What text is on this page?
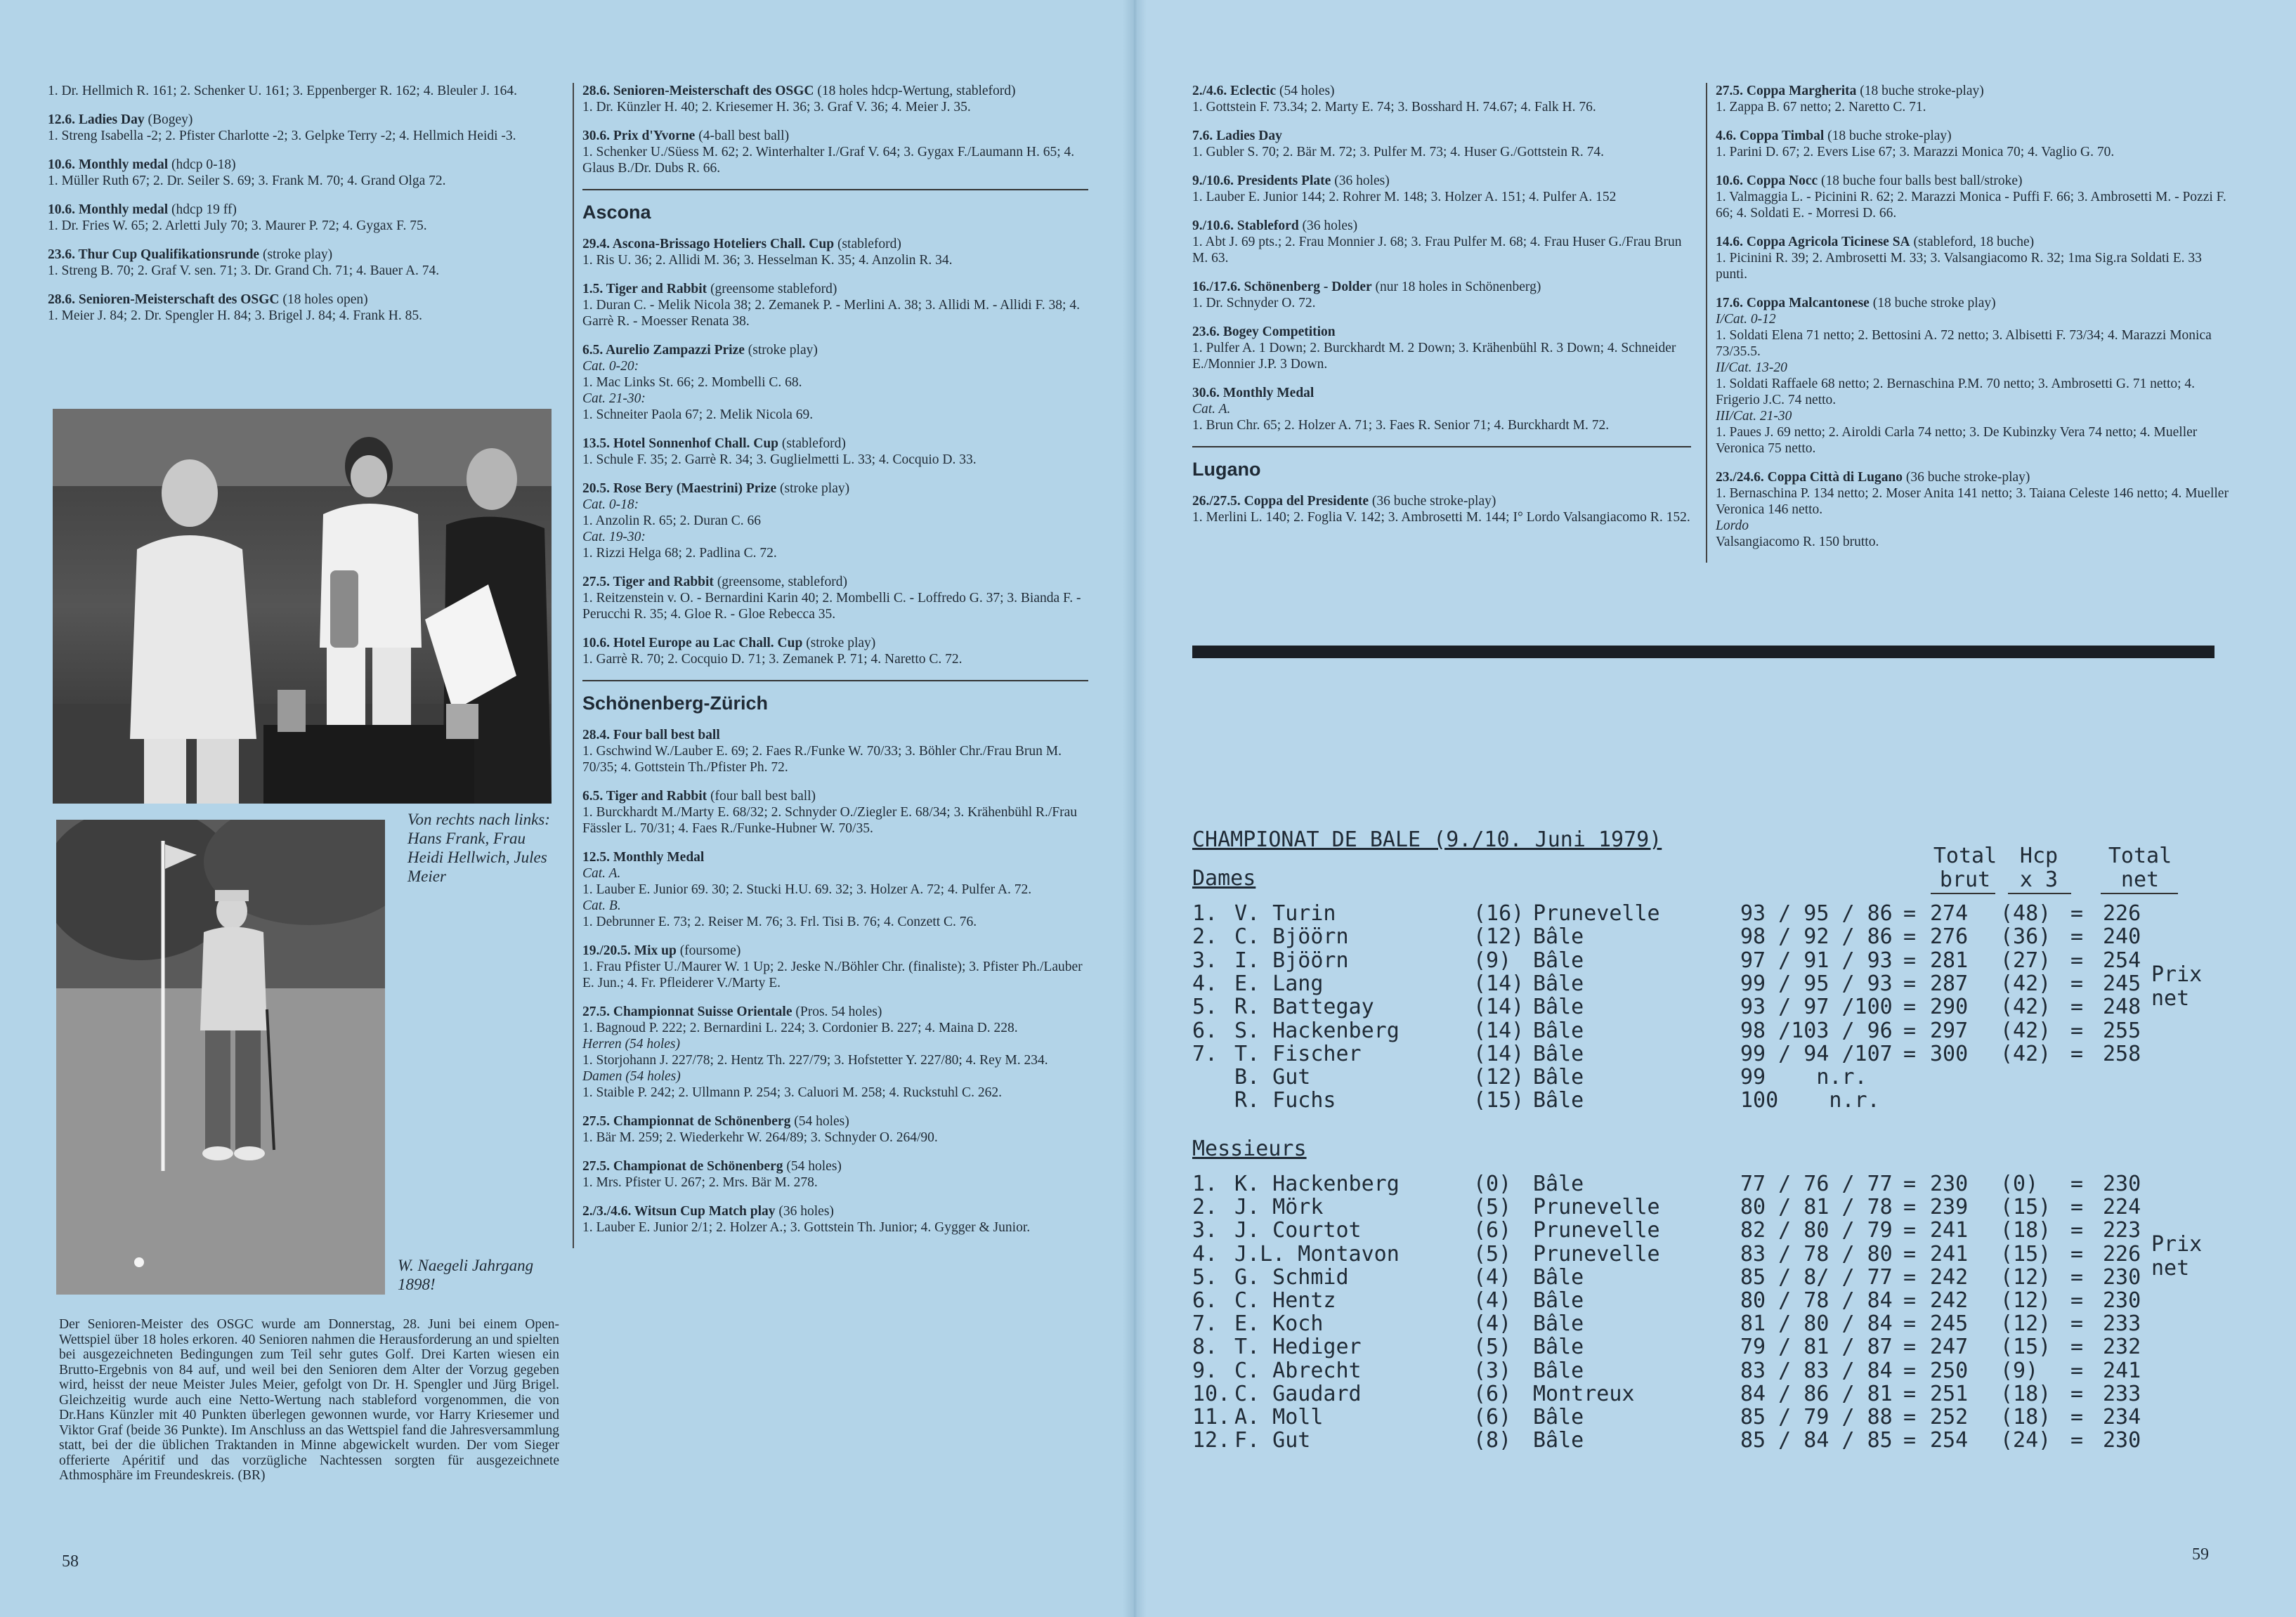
1. Dr. Hellmich R. 161; 2. Schenker U. 161; 3. Eppenberger R. 162; 4. Bleuler J. 164.
12.6. Ladies Day (Bogey)
1. Streng Isabella -2; 2. Pfister Charlotte -2; 3. Gelpke Terry -2; 4. Hellmich Heidi -3.
10.6. Monthly medal (hdcp 0-18)
1. Müller Ruth 67; 2. Dr. Seiler S. 69; 3. Frank M. 70; 4. Grand Olga 72.
10.6. Monthly medal (hdcp 19 ff)
1. Dr. Fries W. 65; 2. Arletti July 70; 3. Maurer P. 72; 4. Gygax F. 75.
23.6. Thur Cup Qualifikationsrunde (stroke play)
1. Streng B. 70; 2. Graf V. sen. 71; 3. Dr. Grand Ch. 71; 4. Bauer A. 74.
28.6. Senioren-Meisterschaft des OSGC (18 holes open)
1. Meier J. 84; 2. Dr. Spengler H. 84; 3. Brigel J. 84; 4. Frank H. 85.
Von rechts nach links: Hans Frank, Frau Heidi Hellwich, Jules Meier
W. Naegeli Jahrgang 1898!
Der Senioren-Meister des OSGC wurde am Donnerstag, 28. Juni bei einem Open-Wettspiel über 18 holes erkoren. 40 Senioren nahmen die Herausforderung an und spielten bei ausgezeichneten Bedingungen zum Teil sehr gutes Golf. Drei Karten wiesen ein Brutto-Ergebnis von 84 auf, und weil bei den Senioren dem Alter der Vorzug gegeben wird, heisst der neue Meister Jules Meier, gefolgt von Dr. H. Spengler und Jürg Brigel. Gleichzeitig wurde auch eine Netto-Wertung nach stableford vorgenommen, die von Dr.Hans Künzler mit 40 Punkten überlegen gewonnen wurde, vor Harry Kriesemer und Viktor Graf (beide 36 Punkte). Im Anschluss an das Wettspiel fand die Jahresversammlung statt, bei der die üblichen Traktanden in Minne abgewickelt wurden. Der vom Sieger offerierte Apéritif und das vorzügliche Nachtessen sorgten für ausgezeichnete Athmosphäre im Freundeskreis. (BR)
58
28.6. Senioren-Meisterschaft des OSGC (18 holes hdcp-Wertung, stableford)
1. Dr. Künzler H. 40; 2. Kriesemer H. 36; 3. Graf V. 36; 4. Meier J. 35.
30.6. Prix d'Yvorne (4-ball best ball)
1. Schenker U./Süess M. 62; 2. Winterhalter I./Graf V. 64; 3. Gygax F./Laumann H. 65; 4. Glaus B./Dr. Dubs R. 66.
Ascona
29.4. Ascona-Brissago Hoteliers Chall. Cup (stableford)
1. Ris U. 36; 2. Allidi M. 36; 3. Hesselman K. 35; 4. Anzolin R. 34.
1.5. Tiger and Rabbit (greensome stableford)
1. Duran C. - Melik Nicola 38; 2. Zemanek P. - Merlini A. 38; 3. Allidi M. - Allidi F. 38; 4. Garrè R. - Moesser Renata 38.
6.5. Aurelio Zampazzi Prize (stroke play)
Cat. 0-20:
1. Mac Links St. 66; 2. Mombelli C. 68.
Cat. 21-30:
1. Schneiter Paola 67; 2. Melik Nicola 69.
13.5. Hotel Sonnenhof Chall. Cup (stableford)
1. Schule F. 35; 2. Garrè R. 34; 3. Guglielmetti L. 33; 4. Cocquio D. 33.
20.5. Rose Bery (Maestrini) Prize (stroke play)
Cat. 0-18:
1. Anzolin R. 65; 2. Duran C. 66
Cat. 19-30:
1. Rizzi Helga 68; 2. Padlina C. 72.
27.5. Tiger and Rabbit (greensome, stableford)
1. Reitzenstein v. O. - Bernardini Karin 40; 2. Mombelli C. - Loffredo G. 37; 3. Bianda F. - Perucchi R. 35; 4. Gloe R. - Gloe Rebecca 35.
10.6. Hotel Europe au Lac Chall. Cup (stroke play)
1. Garrè R. 70; 2. Cocquio D. 71; 3. Zemanek P. 71; 4. Naretto C. 72.
Schönenberg-Zürich
28.4. Four ball best ball
1. Gschwind W./Lauber E. 69; 2. Faes R./Funke W. 70/33; 3. Böhler Chr./Frau Brun M. 70/35; 4. Gottstein Th./Pfister Ph. 72.
6.5. Tiger and Rabbit (four ball best ball)
1. Burckhardt M./Marty E. 68/32; 2. Schnyder O./Ziegler E. 68/34; 3. Krähenbühl R./Frau Fässler L. 70/31; 4. Faes R./Funke-Hubner W. 70/35.
12.5. Monthly Medal
Cat. A.
1. Lauber E. Junior 69. 30; 2. Stucki H.U. 69. 32; 3. Holzer A. 72; 4. Pulfer A. 72.
Cat. B.
1. Debrunner E. 73; 2. Reiser M. 76; 3. Frl. Tisi B. 76; 4. Conzett C. 76.
19./20.5. Mix up (foursome)
1. Frau Pfister U./Maurer W. 1 Up; 2. Jeske N./Böhler Chr. (finaliste); 3. Pfister Ph./Lauber E. Jun.; 4. Fr. Pfleiderer V./Marty E.
27.5. Championnat Suisse Orientale (Pros. 54 holes)
1. Bagnoud P. 222; 2. Bernardini L. 224; 3. Cordonier B. 227; 4. Maina D. 228.
Herren (54 holes)
1. Storjohann J. 227/78; 2. Hentz Th. 227/79; 3. Hofstetter Y. 227/80; 4. Rey M. 234.
Damen (54 holes)
1. Staible P. 242; 2. Ullmann P. 254; 3. Caluori M. 258; 4. Ruckstuhl C. 262.
27.5. Championnat de Schönenberg (54 holes)
1. Bär M. 259; 2. Wiederkehr W. 264/89; 3. Schnyder O. 264/90.
27.5. Championat de Schönenberg (54 holes)
1. Mrs. Pfister U. 267; 2. Mrs. Bär M. 278.
2./3./4.6. Witsun Cup Match play (36 holes)
1. Lauber E. Junior 2/1; 2. Holzer A.; 3. Gottstein Th. Junior; 4. Gygger & Junior.
2./4.6. Eclectic (54 holes)
1. Gottstein F. 73.34; 2. Marty E. 74; 3. Bosshard H. 74.67; 4. Falk H. 76.
7.6. Ladies Day
1. Gubler S. 70; 2. Bär M. 72; 3. Pulfer M. 73; 4. Huser G./Gottstein R. 74.
9./10.6. Presidents Plate (36 holes)
1. Lauber E. Junior 144; 2. Rohrer M. 148; 3. Holzer A. 151; 4. Pulfer A. 152
9./10.6. Stableford (36 holes)
1. Abt J. 69 pts.; 2. Frau Monnier J. 68; 3. Frau Pulfer M. 68; 4. Frau Huser G./Frau Brun M. 63.
16./17.6. Schönenberg - Dolder (nur 18 holes in Schönenberg)
1. Dr. Schnyder O. 72.
23.6. Bogey Competition
1. Pulfer A. 1 Down; 2. Burckhardt M. 2 Down; 3. Krähenbühl R. 3 Down; 4. Schneider E./Monnier J.P. 3 Down.
30.6. Monthly Medal
Cat. A.
1. Brun Chr. 65; 2. Holzer A. 71; 3. Faes R. Senior 71; 4. Burckhardt M. 72.
Lugano
26./27.5. Coppa del Presidente (36 buche stroke-play)
1. Merlini L. 140; 2. Foglia V. 142; 3. Ambrosetti M. 144; I° Lordo Valsangiacomo R. 152.
27.5. Coppa Margherita (18 buche stroke-play)
1. Zappa B. 67 netto; 2. Naretto C. 71.
4.6. Coppa Timbal (18 buche stroke-play)
1. Parini D. 67; 2. Evers Lise 67; 3. Marazzi Monica 70; 4. Vaglio G. 70.
10.6. Coppa Nocc (18 buche four balls best ball/stroke)
1. Valmaggia L. - Picinini R. 62; 2. Marazzi Monica - Puffi F. 66; 3. Ambrosetti M. - Pozzi F. 66; 4. Soldati E. - Morresi D. 66.
14.6. Coppa Agricola Ticinese SA (stableford, 18 buche)
1. Picinini R. 39; 2. Ambrosetti M. 33; 3. Valsangiacomo R. 32; 1ma Sig.ra Soldati E. 33 punti.
17.6. Coppa Malcantonese (18 buche stroke play)
I/Cat. 0-12
1. Soldati Elena 71 netto; 2. Bettosini A. 72 netto; 3. Albisetti F. 73/34; 4. Marazzi Monica 73/35.5.
II/Cat. 13-20
1. Soldati Raffaele 68 netto; 2. Bernaschina P.M. 70 netto; 3. Ambrosetti G. 71 netto; 4. Frigerio J.C. 74 netto.
III/Cat. 21-30
1. Paues J. 69 netto; 2. Airoldi Carla 74 netto; 3. De Kubinzky Vera 74 netto; 4. Mueller Veronica 75 netto.
23./24.6. Coppa Città di Lugano (36 buche stroke-play)
1. Bernaschina P. 134 netto; 2. Moser Anita 141 netto; 3. Taiana Celeste 146 netto; 4. Mueller Veronica 146 netto.
Lordo
Valsangiacomo R. 150 brutto.
CHAMPIONAT DE BALE (9./10. Juni 1979)
Total
brut
Hcp
x 3
Total
net
Dames
Messieurs
1. V. Turin	(16) Prunevelle	93 / 95 / 86 = 274 (48) = 226
2. C. Bjöörn	(12) Bâle	98 / 92 / 86 = 276 (36) = 240
3. I. Bjöörn	(9) Bâle	97 / 91 / 93 = 281 (27) = 254
4. E. Lang	(14) Bâle	99 / 95 / 93 = 287 (42) = 245
5. R. Battegay	(14) Bâle	93 / 97 /100 = 290 (42) = 248
6. S. Hackenberg	(14) Bâle	98 /103 / 96 = 297 (42) = 255
7. T. Fischer	(14) Bâle	99 / 94 /107 = 300 (42) = 258
B. Gut	(12) Bâle	99    n.r.
R. Fuchs	(15) Bâle	100    n.r.
1. K. Hackenberg	(0) Bâle	77 / 76 / 77 = 230 (0) = 230
2. J. Mörk	(5) Prunevelle	80 / 81 / 78 = 239 (15) = 224
3. J. Courtot	(6) Prunevelle	82 / 80 / 79 = 241 (18) = 223
4. J.L. Montavon	(5) Prunevelle	83 / 78 / 80 = 241 (15) = 226
5. G. Schmid	(4) Bâle	85 / 8/ / 77 = 242 (12) = 230
6. C. Hentz	(4) Bâle	80 / 78 / 84 = 242 (12) = 230
7. E. Koch	(4) Bâle	81 / 80 / 84 = 245 (12) = 233
8. T. Hediger	(5) Bâle	79 / 81 / 87 = 247 (15) = 232
9. C. Abrecht	(3) Bâle	83 / 83 / 84 = 250 (9) = 241
10. C. Gaudard	(6) Montreux	84 / 86 / 81 = 251 (18) = 233
11. A. Moll	(6) Bâle	85 / 79 / 88 = 252 (18) = 234
12. F. Gut	(8) Bâle	85 / 84 / 85 = 254 (24) = 230
Prix
net
Prix
net
59
